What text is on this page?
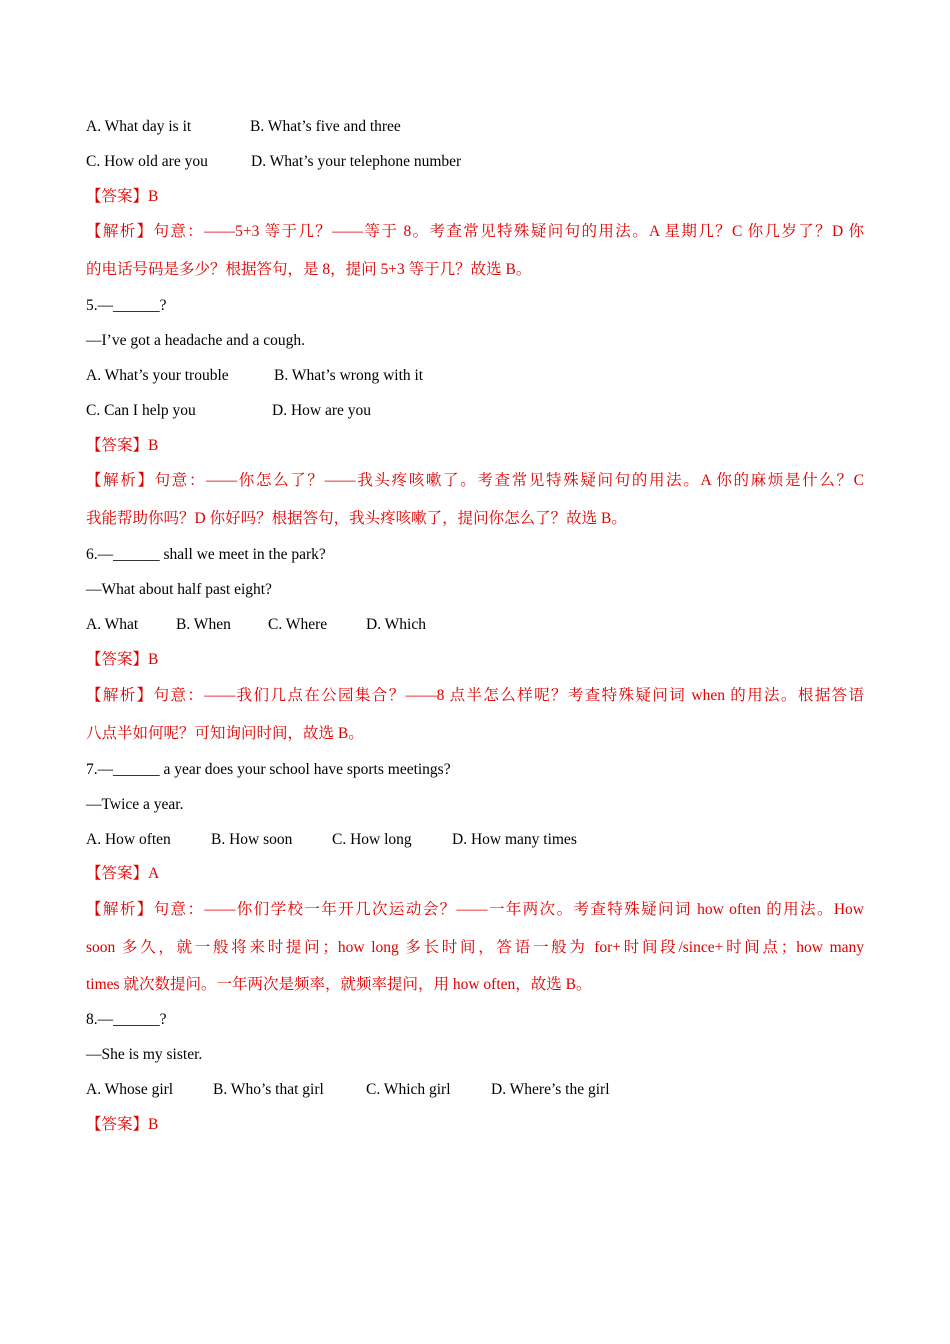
A. What day is it	B. What’s five and three
C. How old are you	D. What’s your telephone number
【答案】B
【解析】句意：——5+3 等于几？——等于 8。考查常见特殊疑问句的用法。A 星期几？C 你几岁了？D 你
的电话号码是多少？根据答句，是 8，提问 5+3 等于几？故选 B。
5.—______?
—I’ve got a headache and a cough.
A. What’s your trouble	B. What’s wrong with it
C. Can I help you	D. How are you
【答案】B
【解析】句意：——你怎么了？——我头疼咳嗽了。考查常见特殊疑问句的用法。A 你的麻烦是什么？C
我能帮助你吗？D 你好吗？根据答句，我头疼咳嗽了，提问你怎么了？故选 B。
6.—______ shall we meet in the park?
—What about half past eight?
A. What B. When C. Where	D. Which
【答案】B
【解析】句意：——我们几点在公园集合？——8 点半怎么样呢？考查特殊疑问词 when 的用法。根据答语
八点半如何呢？可知询问时间，故选 B。
7.—______ a year does your school have sports meetings?
—Twice a year.
A. How often	B. How soon	C. How long	D. How many times
【答案】A
【解析】句意：——你们学校一年开几次运动会？——一年两次。考查特殊疑问词 how often 的用法。How
soon 多久，就一般将来时提问；how long 多长时间，答语一般为 for+时间段/since+时间点；how many
times 就次数提问。一年两次是频率，就频率提问，用 how often，故选 B。
8.—______?
—She is my sister.
A. Whose girl	B. Who’s that girl	C. Which girl	D. Where’s the girl
【答案】B
